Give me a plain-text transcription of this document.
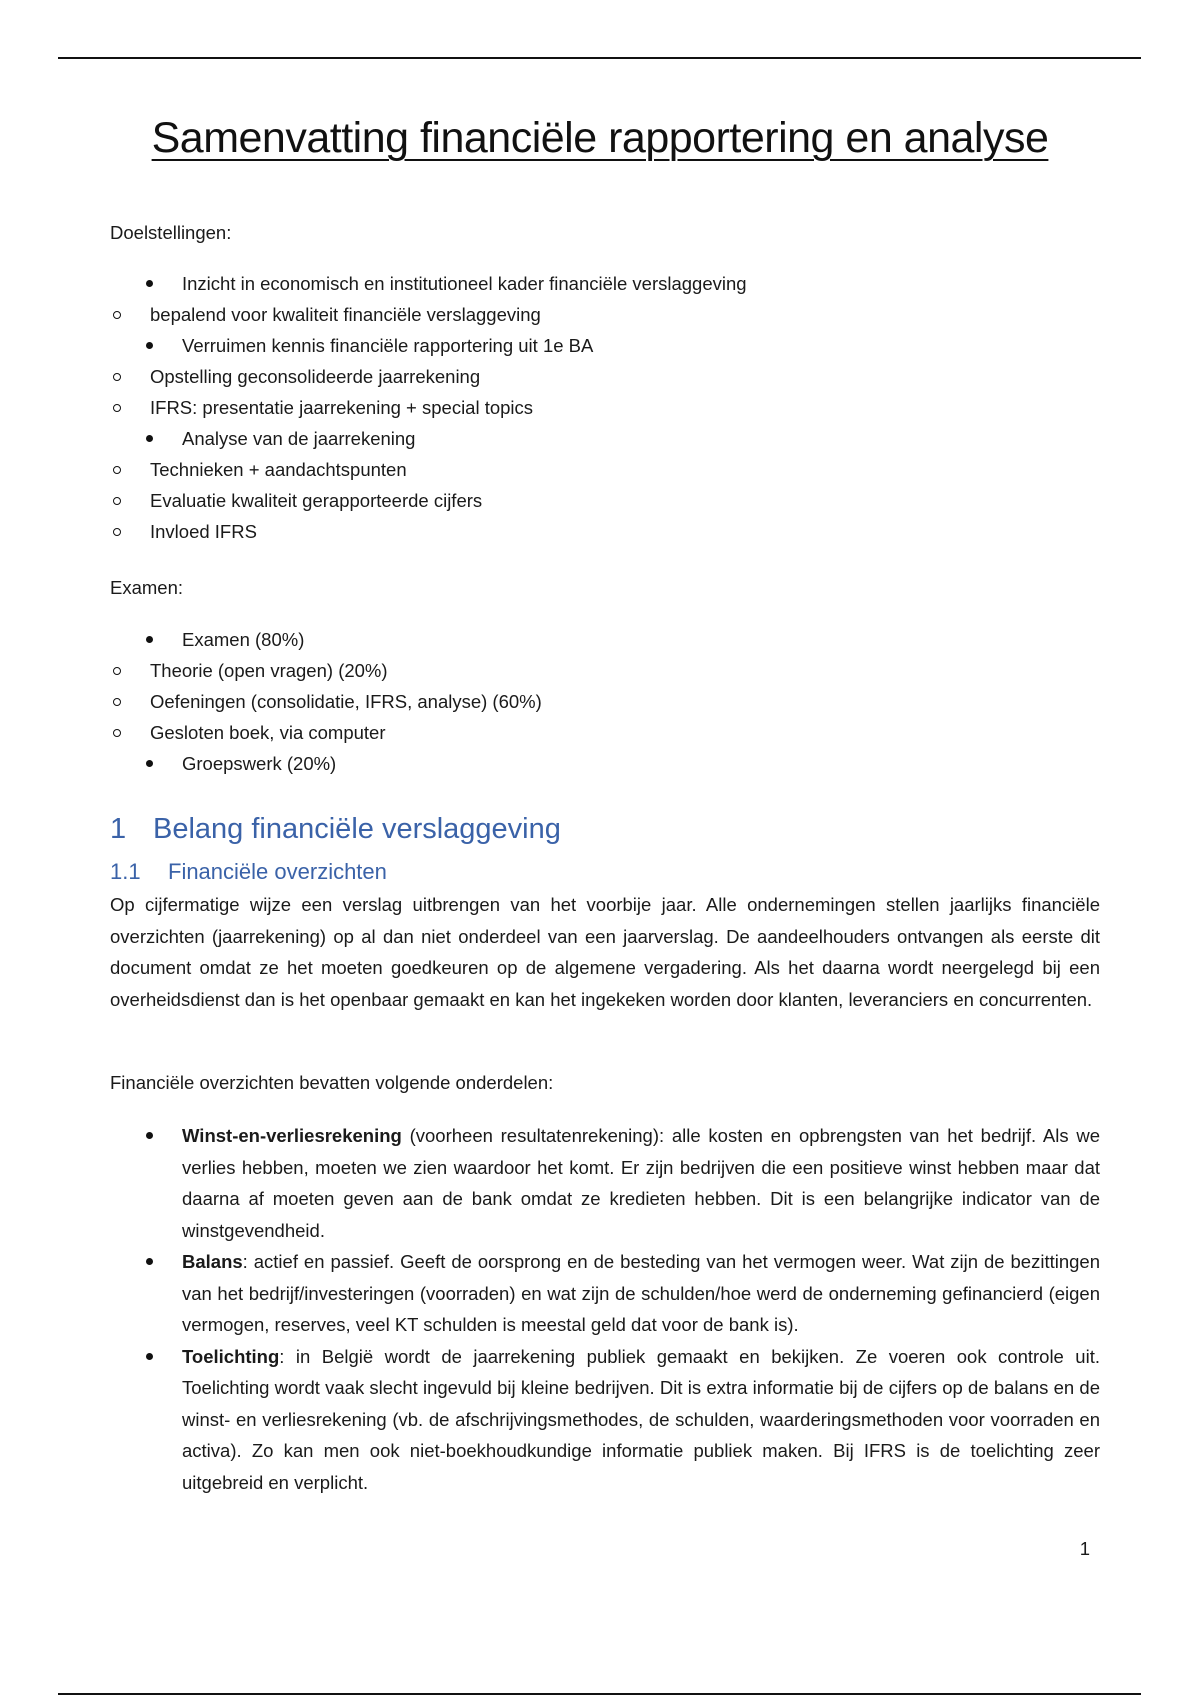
Samenvatting financiële rapportering en analyse
Doelstellingen:
Inzicht in economisch en institutioneel kader financiële verslaggeving
bepalend voor kwaliteit financiële verslaggeving
Verruimen kennis financiële rapportering uit 1e BA
Opstelling geconsolideerde jaarrekening
IFRS: presentatie jaarrekening + special topics
Analyse van de jaarrekening
Technieken + aandachtspunten
Evaluatie kwaliteit gerapporteerde cijfers
Invloed IFRS
Examen:
Examen (80%)
Theorie (open vragen) (20%)
Oefeningen (consolidatie, IFRS, analyse) (60%)
Gesloten boek, via computer
Groepswerk (20%)
1 Belang financiële verslaggeving
1.1 Financiële overzichten

Op cijfermatige wijze een verslag uitbrengen van het voorbije jaar. Alle ondernemingen stellen jaarlijks financiële overzichten (jaarrekening) op al dan niet onderdeel van een jaarverslag. De aandeelhouders ontvangen als eerste dit document omdat ze het moeten goedkeuren op de algemene vergadering. Als het daarna wordt neergelegd bij een overheidsdienst dan is het openbaar gemaakt en kan het ingekeken worden door klanten, leveranciers en concurrenten.

Financiële overzichten bevatten volgende onderdelen:

Winst-en-verliesrekening (voorheen resultatenrekening): alle kosten en opbrengsten van het bedrijf. Als we verlies hebben, moeten we zien waardoor het komt. Er zijn bedrijven die een positieve winst hebben maar dat daarna af moeten geven aan de bank omdat ze kredieten hebben. Dit is een belangrijke indicator van de winstgevendheid.
Balans: actief en passief. Geeft de oorsprong en de besteding van het vermogen weer. Wat zijn de bezittingen van het bedrijf/investeringen (voorraden) en wat zijn de schulden/hoe werd de onderneming gefinancierd (eigen vermogen, reserves, veel KT schulden is meestal geld dat voor de bank is).
Toelichting: in België wordt de jaarrekening publiek gemaakt en bekijken. Ze voeren ook controle uit. Toelichting wordt vaak slecht ingevuld bij kleine bedrijven. Dit is extra informatie bij de cijfers op de balans en de winst- en verliesrekening (vb. de afschrijvingsmethodes, de schulden, waarderingsmethoden voor voorraden en activa). Zo kan men ook niet-boekhoudkundige informatie publiek maken. Bij IFRS is de toelichting zeer uitgebreid en verplicht.
1
